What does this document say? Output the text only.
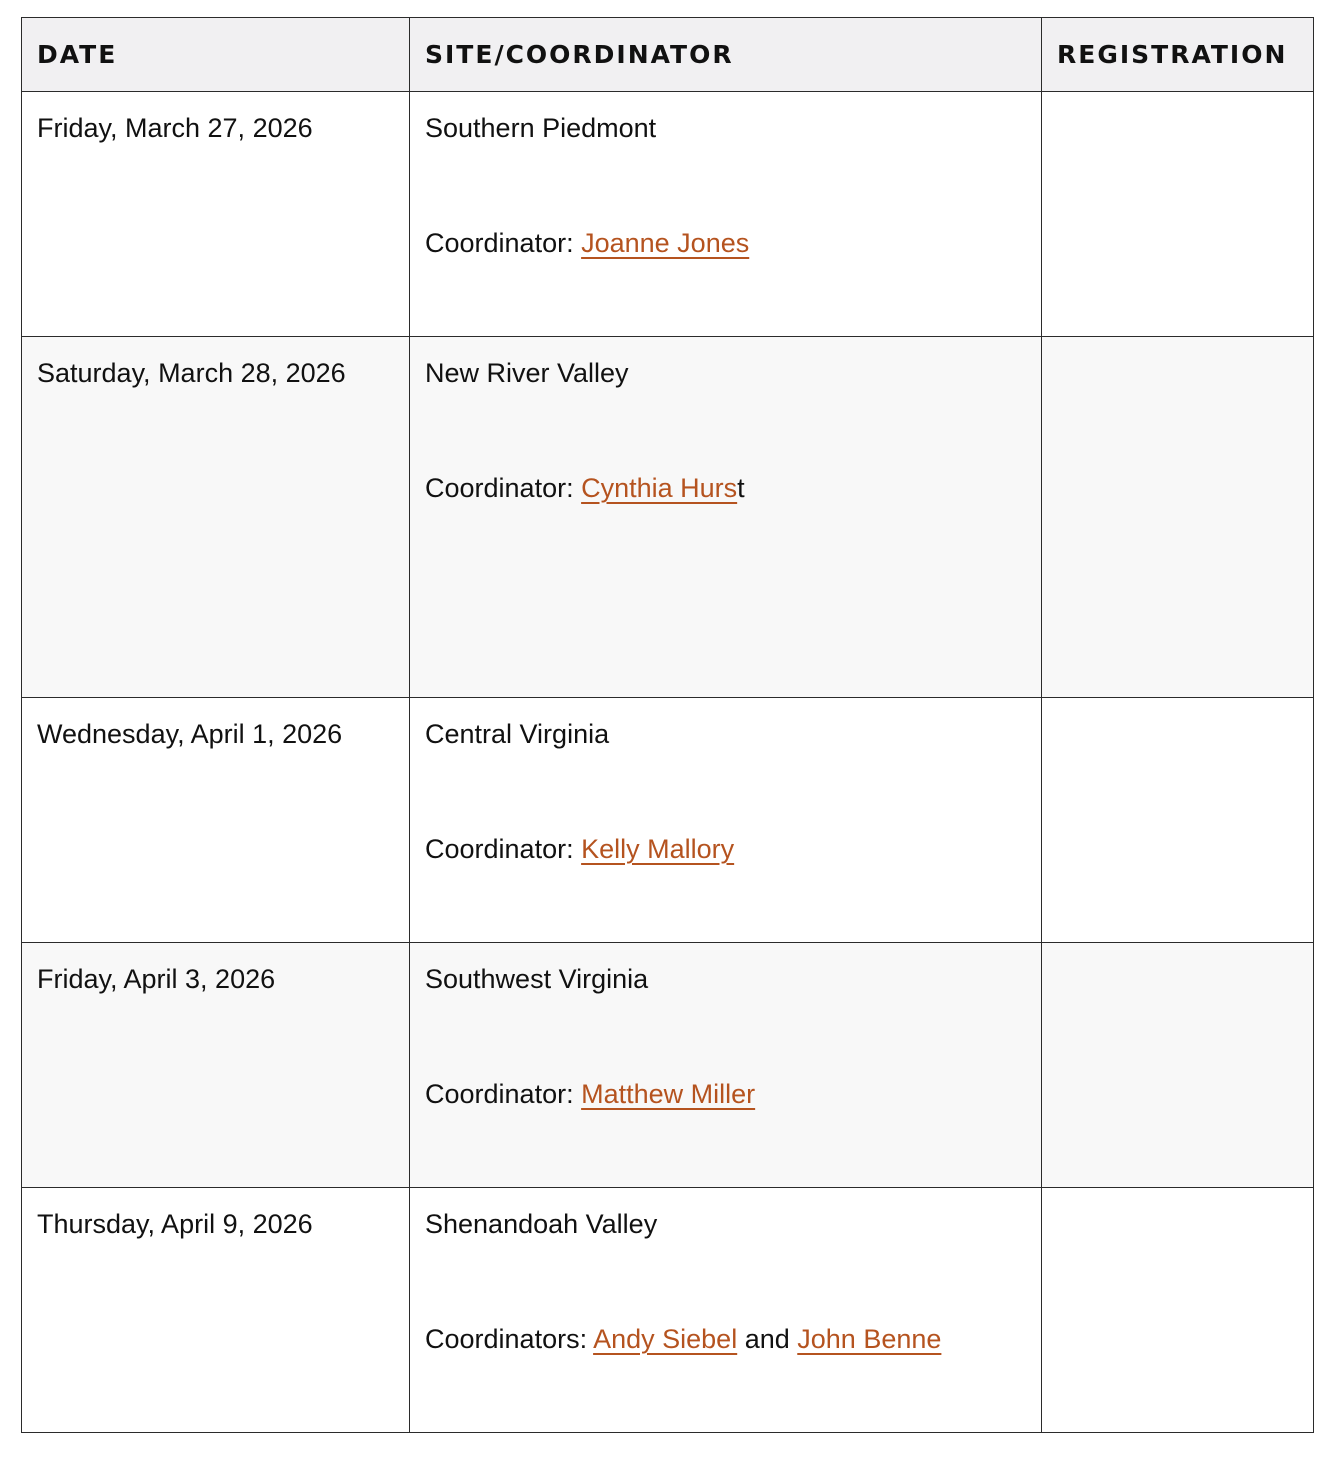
DATE	SITE/COORDINATOR	REGISTRATION
Friday, March 27, 2026	Southern Piedmont
Coordinator: Joanne Jones	

Saturday, March 28, 2026	New River Valley
Coordinator: Cynthia Hurst	

Wednesday, April 1, 2026	Central Virginia
Coordinator: Kelly Mallory	

Friday, April 3, 2026	Southwest Virginia
Coordinator: Matthew Miller	

Thursday, April 9, 2026	Shenandoah Valley
Coordinators: Andy Siebel and John Benne	
